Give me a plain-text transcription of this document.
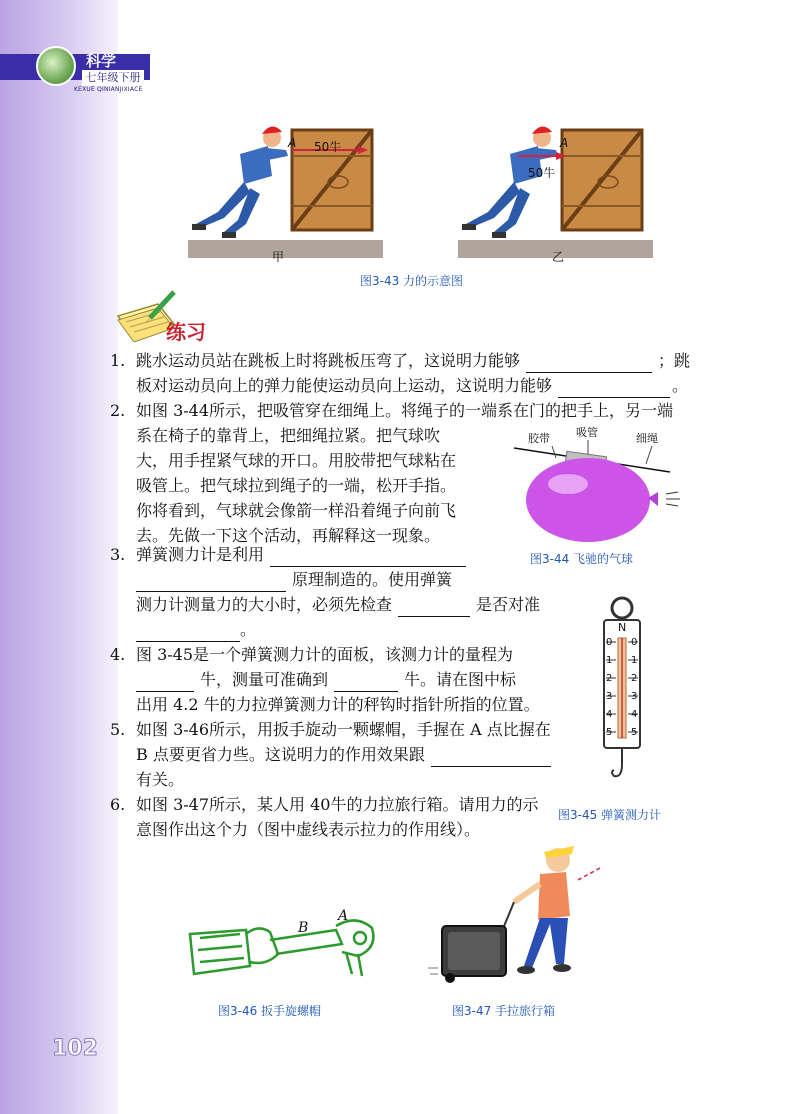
科学
七年级下册
KEXUE QINIANJIXIACE
A 50牛
甲
A
50牛
乙
图3-43 力的示意图
练习
1. 跳水运动员站在跳板上时将跳板压弯了，这说明力能够	；跳
板对运动员向上的弹力能使运动员向上运动，这说明力能够	。
2. 如图 3-44所示，把吸管穿在细绳上。将绳子的一端系在门的把手上，另一端
系在椅子的靠背上，把细绳拉紧。把气球吹
大，用手捏紧气球的开口。用胶带把气球粘在
吸管上。把气球拉到绳子的一端，松开手指。
你将看到，气球就会像箭一样沿着绳子向前飞
去。先做一下这个活动，再解释这一现象。
胶带 吸管	细绳
图3-44 飞驰的气球
3. 弹簧测力计是利用
原理制造的。使用弹簧
测力计测量力的大小时，必须先检查	是否对准
。
4. 图 3-45是一个弹簧测力计的面板，该测力计的量程为
牛，测量可准确到	牛。请在图中标
出用 4.2 牛的力拉弹簧测力计的秤钩时指针所指的位置。
5. 如图 3-46所示，用扳手旋动一颗螺帽，手握在 A 点比握在
B 点要更省力些。这说明力的作用效果跟
有关。
6. 如图 3-47所示，某人用 40牛的力拉旅行箱。请用力的示
意图作出这个力（图中虚线表示拉力的作用线）。
N
0
1
2
3
4
5
0
1
2
3
4
5
图3-45 弹簧测力计
B
A
图3-46 扳手旋螺帽	图3-47 手拉旅行箱
102
